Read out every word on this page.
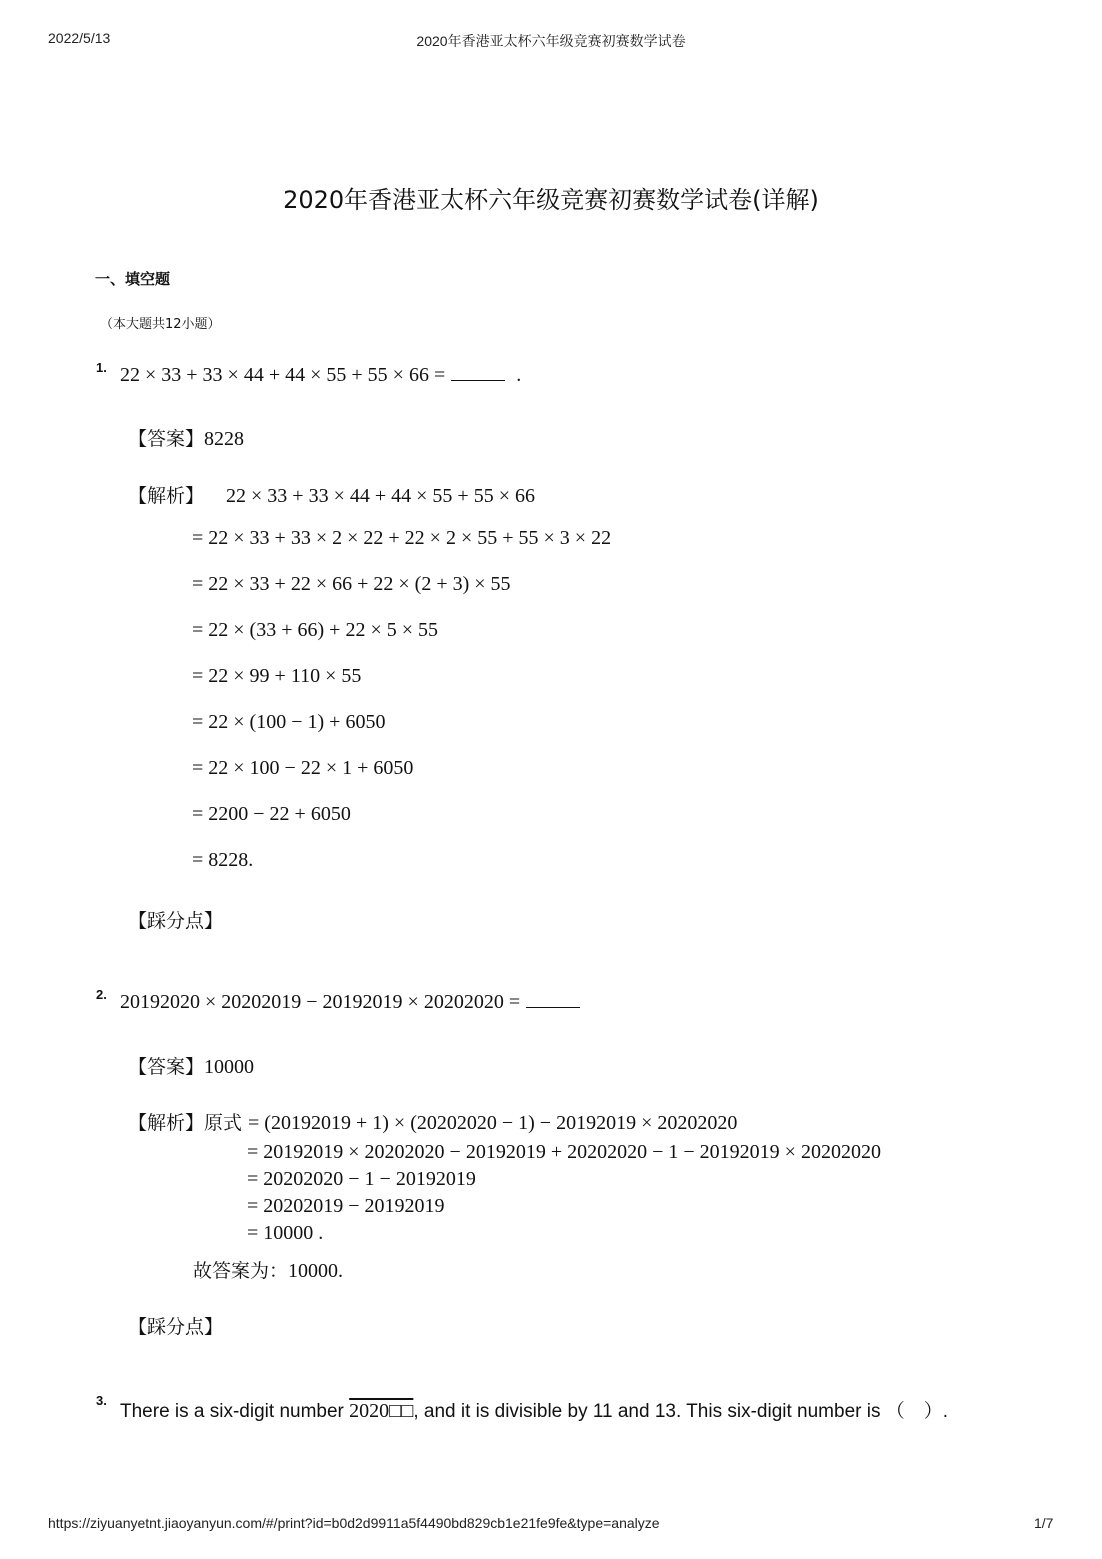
2022/5/13	2020年香港亚太杯六年级竞赛初赛数学试卷
2020年香港亚太杯六年级竞赛初赛数学试卷(详解)
一、填空题
（本大题共12小题）
1. 22 × 33 + 33 × 44 + 44 × 55 + 55 × 66 =	.
【答案】8228
【解析】 22 × 33 + 33 × 44 + 44 × 55 + 55 × 66
= 22 × 33 + 33 × 2 × 22 + 22 × 2 × 55 + 55 × 3 × 22
= 22 × 33 + 22 × 66 + 22 × (2 + 3) × 55
= 22 × (33 + 66) + 22 × 5 × 55
= 22 × 99 + 110 × 55
= 22 × (100 − 1) + 6050
= 22 × 100 − 22 × 1 + 6050
= 2200 − 22 + 6050
= 8228.
【踩分点】
2. 20192020 × 20202019 − 20192019 × 20202020 =
【答案】10000
【解析】原式 = (20192019 + 1) × (20202020 − 1) − 20192019 × 20202020
= 20192019 × 20202020 − 20192019 + 20202020 − 1 − 20192019 × 20202020
= 20202020 − 1 − 20192019
= 20202019 − 20192019
= 10000 .
故答案为：10000.
【踩分点】
3.
There is a six-digit number 2020□□, and it is divisible by 11 and 13. This six-digit number is （　）.
https://ziyuanyetnt.jiaoyanyun.com/#/print?id=b0d2d9911a5f4490bd829cb1e21fe9fe&type=analyze	1/7
